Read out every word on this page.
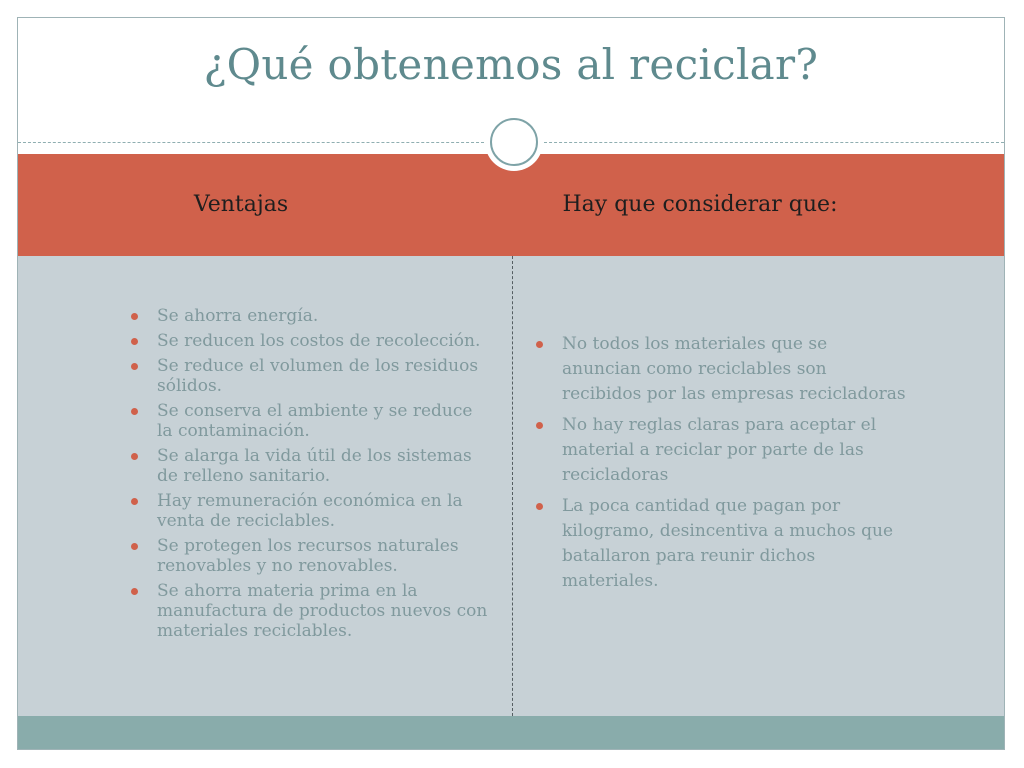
¿Qué obtenemos al reciclar?
Ventajas	Hay que considerar que:
Se ahorra energía.
Se reducen los costos de recolección.
Se reduce el volumen de los residuos sólidos.
Se conserva el ambiente y se reduce la contaminación.
Se alarga la vida útil de los sistemas de relleno sanitario.
Hay remuneración económica en la venta de reciclables.
Se protegen los recursos naturales renovables y no renovables.
Se ahorra materia prima en la manufactura de productos nuevos con materiales reciclables.
No todos los materiales que se anuncian como reciclables son recibidos por las empresas recicladoras
No hay reglas claras para aceptar el material a reciclar por parte de las recicladoras
La poca cantidad que pagan por kilogramo, desincentiva a muchos que batallaron para reunir dichos materiales.
